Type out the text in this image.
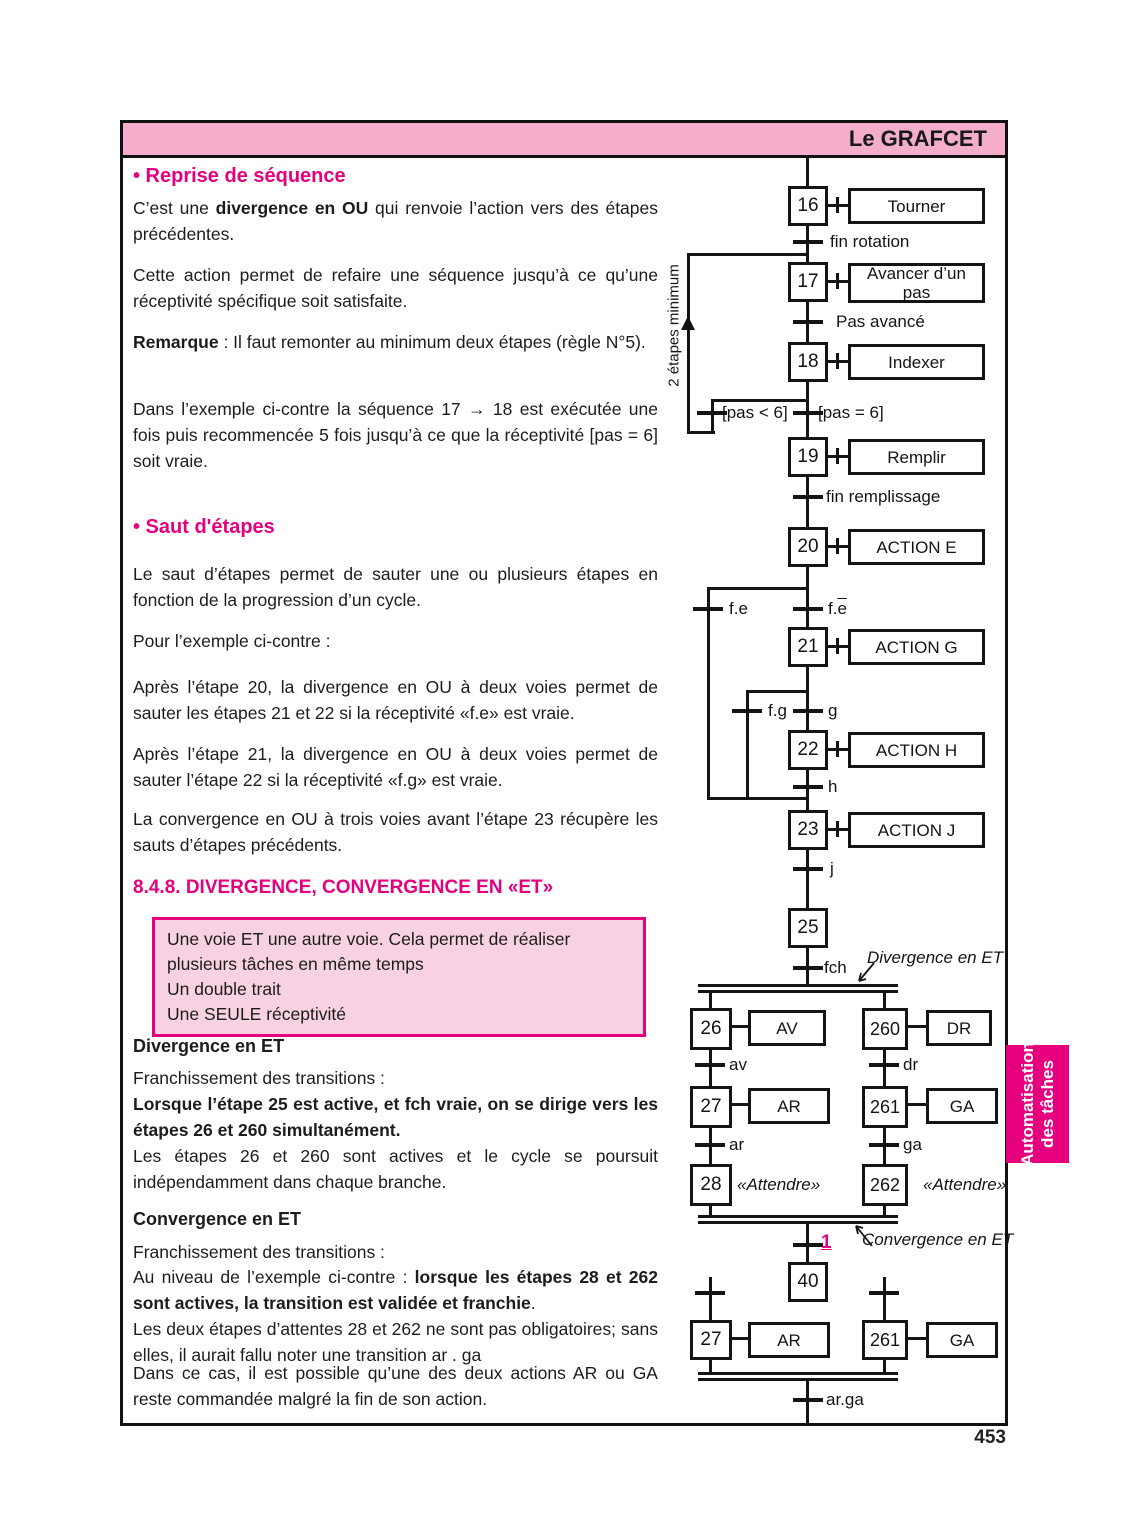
Le GRAFCET
• Reprise de séquence
C’est une divergence en OU qui renvoie l’action vers des étapes précédentes.
Cette action permet de refaire une séquence jusqu’à ce qu’une réceptivité spécifique soit satisfaite.
Remarque : Il faut remonter au minimum deux étapes (règle N°5).
Dans l’exemple ci-contre la séquence 17 → 18 est exécutée une fois puis recommencée 5 fois jusqu’à ce que la réceptivité [pas = 6] soit vraie.
• Saut d'étapes
Le saut d’étapes permet de sauter une ou plusieurs étapes en fonction de la progression d’un cycle.
Pour l’exemple ci-contre :
Après l’étape 20, la divergence en OU à deux voies permet de sauter les étapes 21 et 22 si la réceptivité «f.e» est vraie.
Après l’étape 21, la divergence en OU à deux voies permet de sauter l’étape 22 si la réceptivité «f.g» est vraie.
La convergence en OU à trois voies avant l’étape 23 récupère les sauts d’étapes précédents.
8.4.8. DIVERGENCE, CONVERGENCE EN «ET»
Une voie ET une autre voie. Cela permet de réaliser
plusieurs tâches en même temps
Un double trait
Une SEULE réceptivité
Divergence en ET
Franchissement des transitions :
Lorsque l’étape 25 est active, et fch vraie, on se dirige vers les étapes 26 et 260 simultanément.
Les étapes 26 et 260 sont actives et le cycle se poursuit indépendamment dans chaque branche.
Convergence en ET
Franchissement des transitions :
Au niveau de l’exemple ci-contre : lorsque les étapes 28 et 262 sont actives, la transition est validée et franchie.
Les deux étapes d’attentes 28 et 262 ne sont pas obligatoires; sans elles, il aurait fallu noter une transition ar . ga
Dans ce cas, il est possible qu’une des deux actions AR ou GA reste commandée malgré la fin de son action.
16
17
18
19
20
21
22
23
25
26	260
27	261
28	262
40
27	261
Tourner
Avancer d’un pas
Indexer
Remplir
ACTION E
ACTION G
ACTION H
ACTION J
AV	DR
AR	GA
AR	GA
fin rotation
Pas avancé
[pas < 6] [pas = 6]
fin remplissage
f.e	$f.\overline{e}$
f.g g
h
j
fch
av	dr
ar	ga
1
ar.ga
2 étapes minimum
«Attendre»	«Attendre»
Divergence en ET
Convergence en ET
Automatisation des tâches
453
